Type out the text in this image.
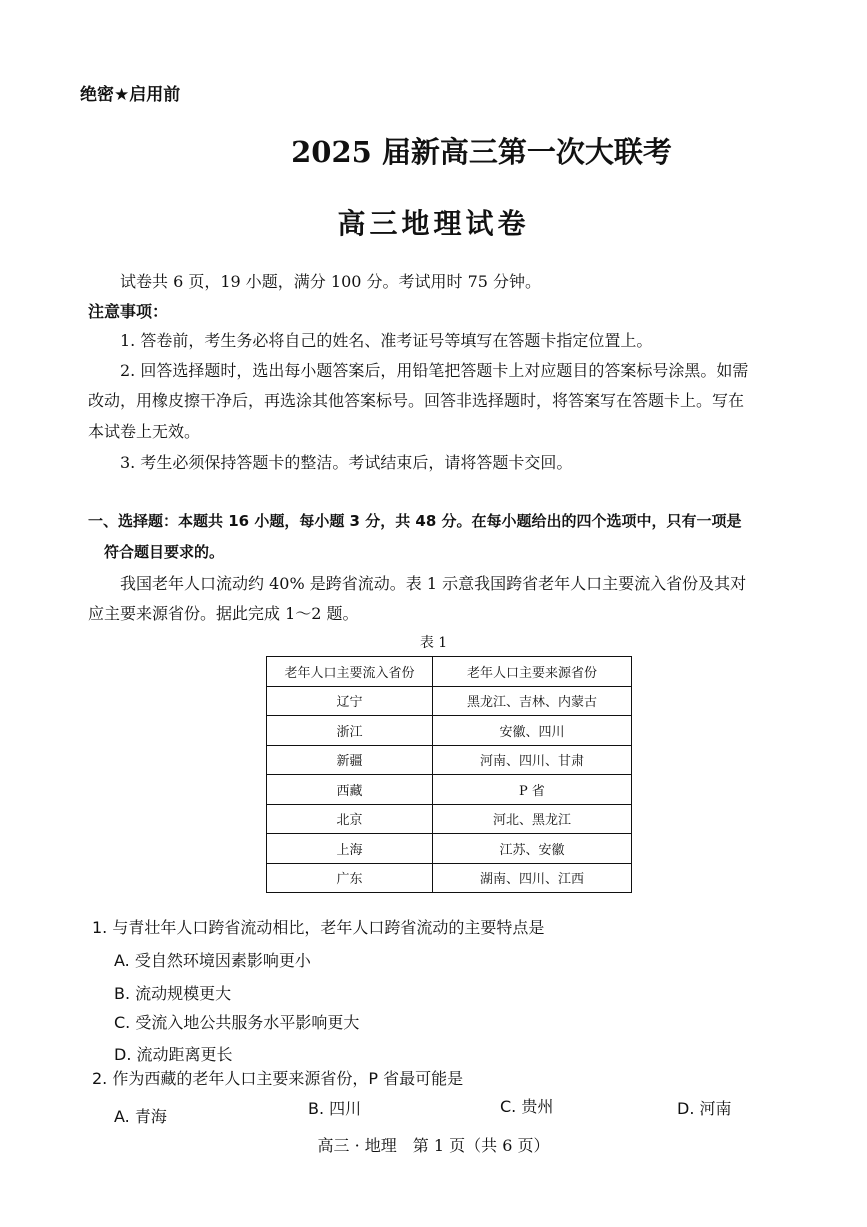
绝密★启用前
2025 届新高三第一次大联考
高三地理试卷
试卷共 6 页，19 小题，满分 100 分。考试用时 75 分钟。
注意事项：
1. 答卷前，考生务必将自己的姓名、准考证号等填写在答题卡指定位置上。
2. 回答选择题时，选出每小题答案后，用铅笔把答题卡上对应题目的答案标号涂黑。如需
改动，用橡皮擦干净后，再选涂其他答案标号。回答非选择题时，将答案写在答题卡上。写在
本试卷上无效。
3. 考生必须保持答题卡的整洁。考试结束后，请将答题卡交回。
一、选择题：本题共 16 小题，每小题 3 分，共 48 分。在每小题给出的四个选项中，只有一项是
符合题目要求的。
我国老年人口流动约 40% 是跨省流动。表 1 示意我国跨省老年人口主要流入省份及其对
应主要来源省份。据此完成 1～2 题。
表 1
老年人口主要流入省份	老年人口主要来源省份
辽宁	黑龙江、吉林、内蒙古
浙江	安徽、四川
新疆	河南、四川、甘肃
西藏	P 省
北京	河北、黑龙江
上海	江苏、安徽
广东	湖南、四川、江西
1. 与青壮年人口跨省流动相比，老年人口跨省流动的主要特点是
A. 受自然环境因素影响更小
B. 流动规模更大
C. 受流入地公共服务水平影响更大
D. 流动距离更长
2. 作为西藏的老年人口主要来源省份，P 省最可能是
A. 青海	B. 四川	C. 贵州	D. 河南
高三 · 地理　第 1 页（共 6 页）
